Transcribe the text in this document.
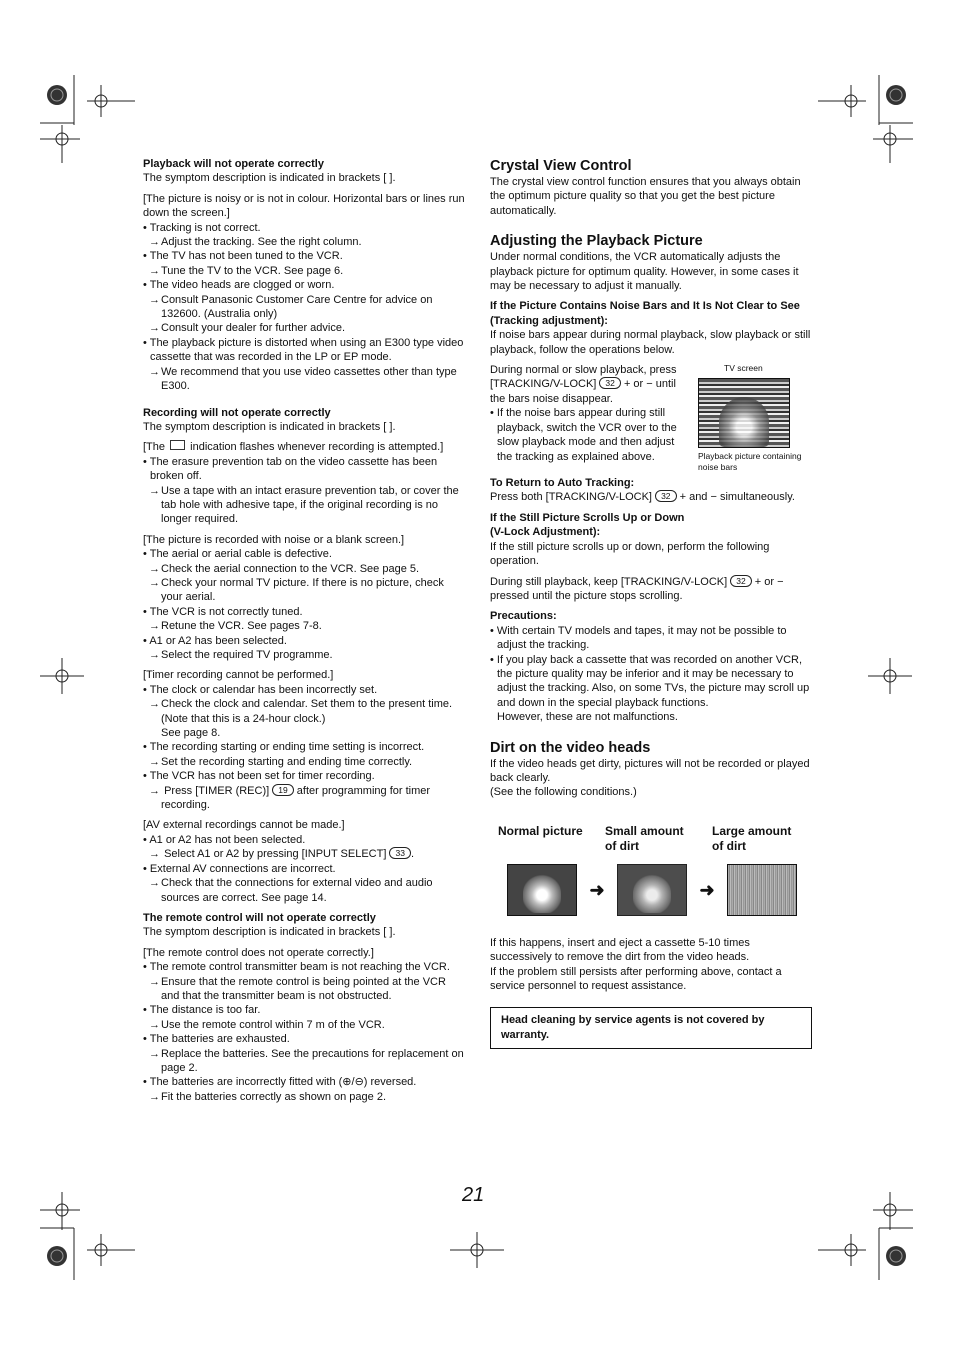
Playback will not operate correctly

The symptom description is indicated in brackets [ ].

[The picture is noisy or is not in colour. Horizontal bars or lines run down the screen.]

• Tracking is not correct.

→ Adjust the tracking. See the right column.

• The TV has not been tuned to the VCR.

→ Tune the TV to the VCR. See page 6.

• The video heads are clogged or worn.

→ Consult Panasonic Customer Care Centre for advice on 132600. (Australia only)

→ Consult your dealer for further advice.

• The playback picture is distorted when using an E300 type video cassette that was recorded in the LP or EP mode.

→ We recommend that you use video cassettes other than type E300.

Recording will not operate correctly

The symptom description is indicated in brackets [ ].

[The indication flashes whenever recording is attempted.]

• The erasure prevention tab on the video cassette has been broken off.

→ Use a tape with an intact erasure prevention tab, or cover the tab hole with adhesive tape, if the original recording is no longer required.

[The picture is recorded with noise or a blank screen.]

• The aerial or aerial cable is defective.

→ Check the aerial connection to the VCR. See page 5.

→ Check your normal TV picture. If there is no picture, check your aerial.

• The VCR is not correctly tuned.

→ Retune the VCR. See pages 7-8.

• A1 or A2 has been selected.

→ Select the required TV programme.

[Timer recording cannot be performed.]

• The clock or calendar has been incorrectly set.

→ Check the clock and calendar. Set them to the present time. (Note that this is a 24-hour clock.)

See page 8.

• The recording starting or ending time setting is incorrect.

→ Set the recording starting and ending time correctly.

• The VCR has not been set for timer recording.

→ Press [TIMER (REC)] 19 after programming for timer recording.

[AV external recordings cannot be made.]

• A1 or A2 has not been selected.

→ Select A1 or A2 by pressing [INPUT SELECT] 33 .

• External AV connections are incorrect.

→ Check that the connections for external video and audio sources are correct. See page 14.

The remote control will not operate correctly

The symptom description is indicated in brackets [ ].

[The remote control does not operate correctly.]

• The remote control transmitter beam is not reaching the VCR.

→ Ensure that the remote control is being pointed at the VCR and that the transmitter beam is not obstructed.

• The distance is too far.

→ Use the remote control within 7 m of the VCR.

• The batteries are exhausted.

→ Replace the batteries. See the precautions for replacement on page 2.

• The batteries are incorrectly fitted with (⊕/⊖) reversed.

→ Fit the batteries correctly as shown on page 2.

Crystal View Control

The crystal view control function ensures that you always obtain the optimum picture quality so that you get the best picture automatically.

Adjusting the Playback Picture

Under normal conditions, the VCR automatically adjusts the playback picture for optimum quality. However, in some cases it may be necessary to adjust it manually.

If the Picture Contains Noise Bars and It Is Not Clear to See (Tracking adjustment):

If noise bars appear during normal playback, slow playback or still playback, follow the operations below.

During normal or slow playback, press [TRACKING/V-LOCK] 32 + or − until the bars noise disappear.

• If the noise bars appear during still playback, switch the VCR over to the slow playback mode and then adjust the tracking as explained above.

TV screen
Playback picture containing noise bars

To Return to Auto Tracking:

Press both [TRACKING/V-LOCK] 32 + and − simultaneously.

If the Still Picture Scrolls Up or Down

(V-Lock Adjustment):

If the still picture scrolls up or down, perform the following operation.

During still playback, keep [TRACKING/V-LOCK] 32 + or − pressed until the picture stops scrolling.

Precautions:

• With certain TV models and tapes, it may not be possible to adjust the tracking.

• If you play back a cassette that was recorded on another VCR, the picture quality may be inferior and it may be necessary to adjust the tracking. Also, on some TVs, the picture may scroll up and down in the special playback functions.

However, these are not malfunctions.

Dirt on the video heads

If the video heads get dirty, pictures will not be recorded or played back clearly.

(See the following conditions.)

Normal picture	Small amount
of dirt
Large amount
of dirt
➜	➜

If this happens, insert and eject a cassette 5-10 times successively to remove the dirt from the video heads.

If the problem still persists after performing above, contact a service personnel to request assistance.

Head cleaning by service agents is not covered by warranty.
21
